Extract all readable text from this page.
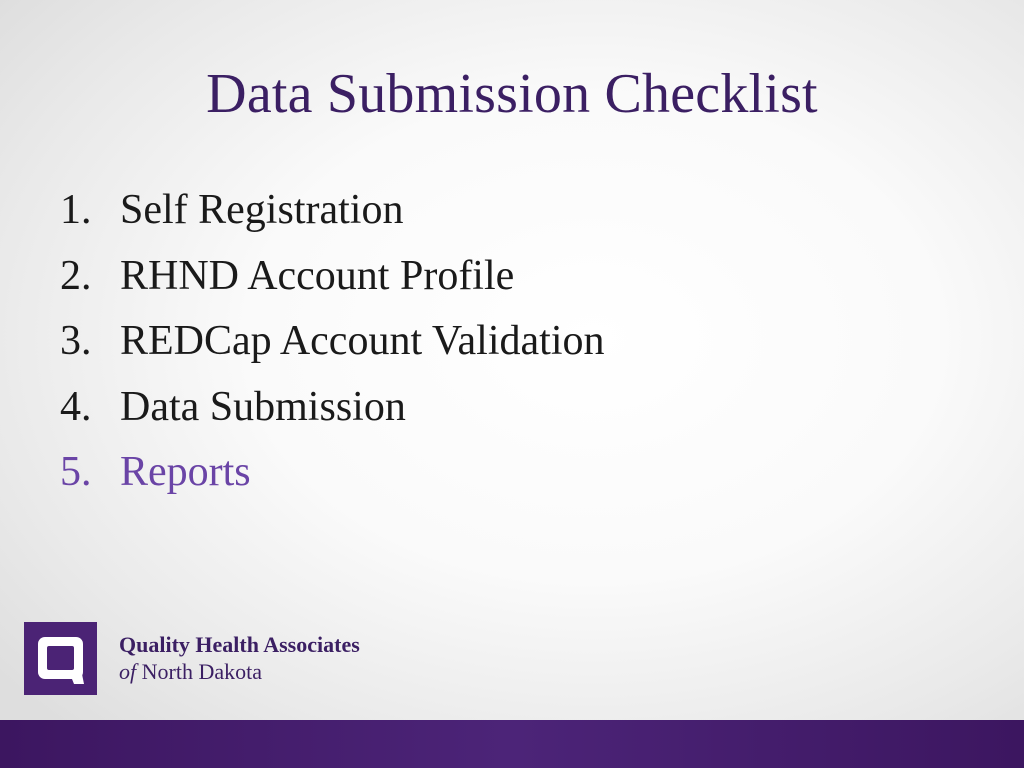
Data Submission Checklist
1. Self Registration
2. RHND Account Profile
3. REDCap Account Validation
4. Data Submission
5. Reports
Quality Health Associates
of North Dakota
